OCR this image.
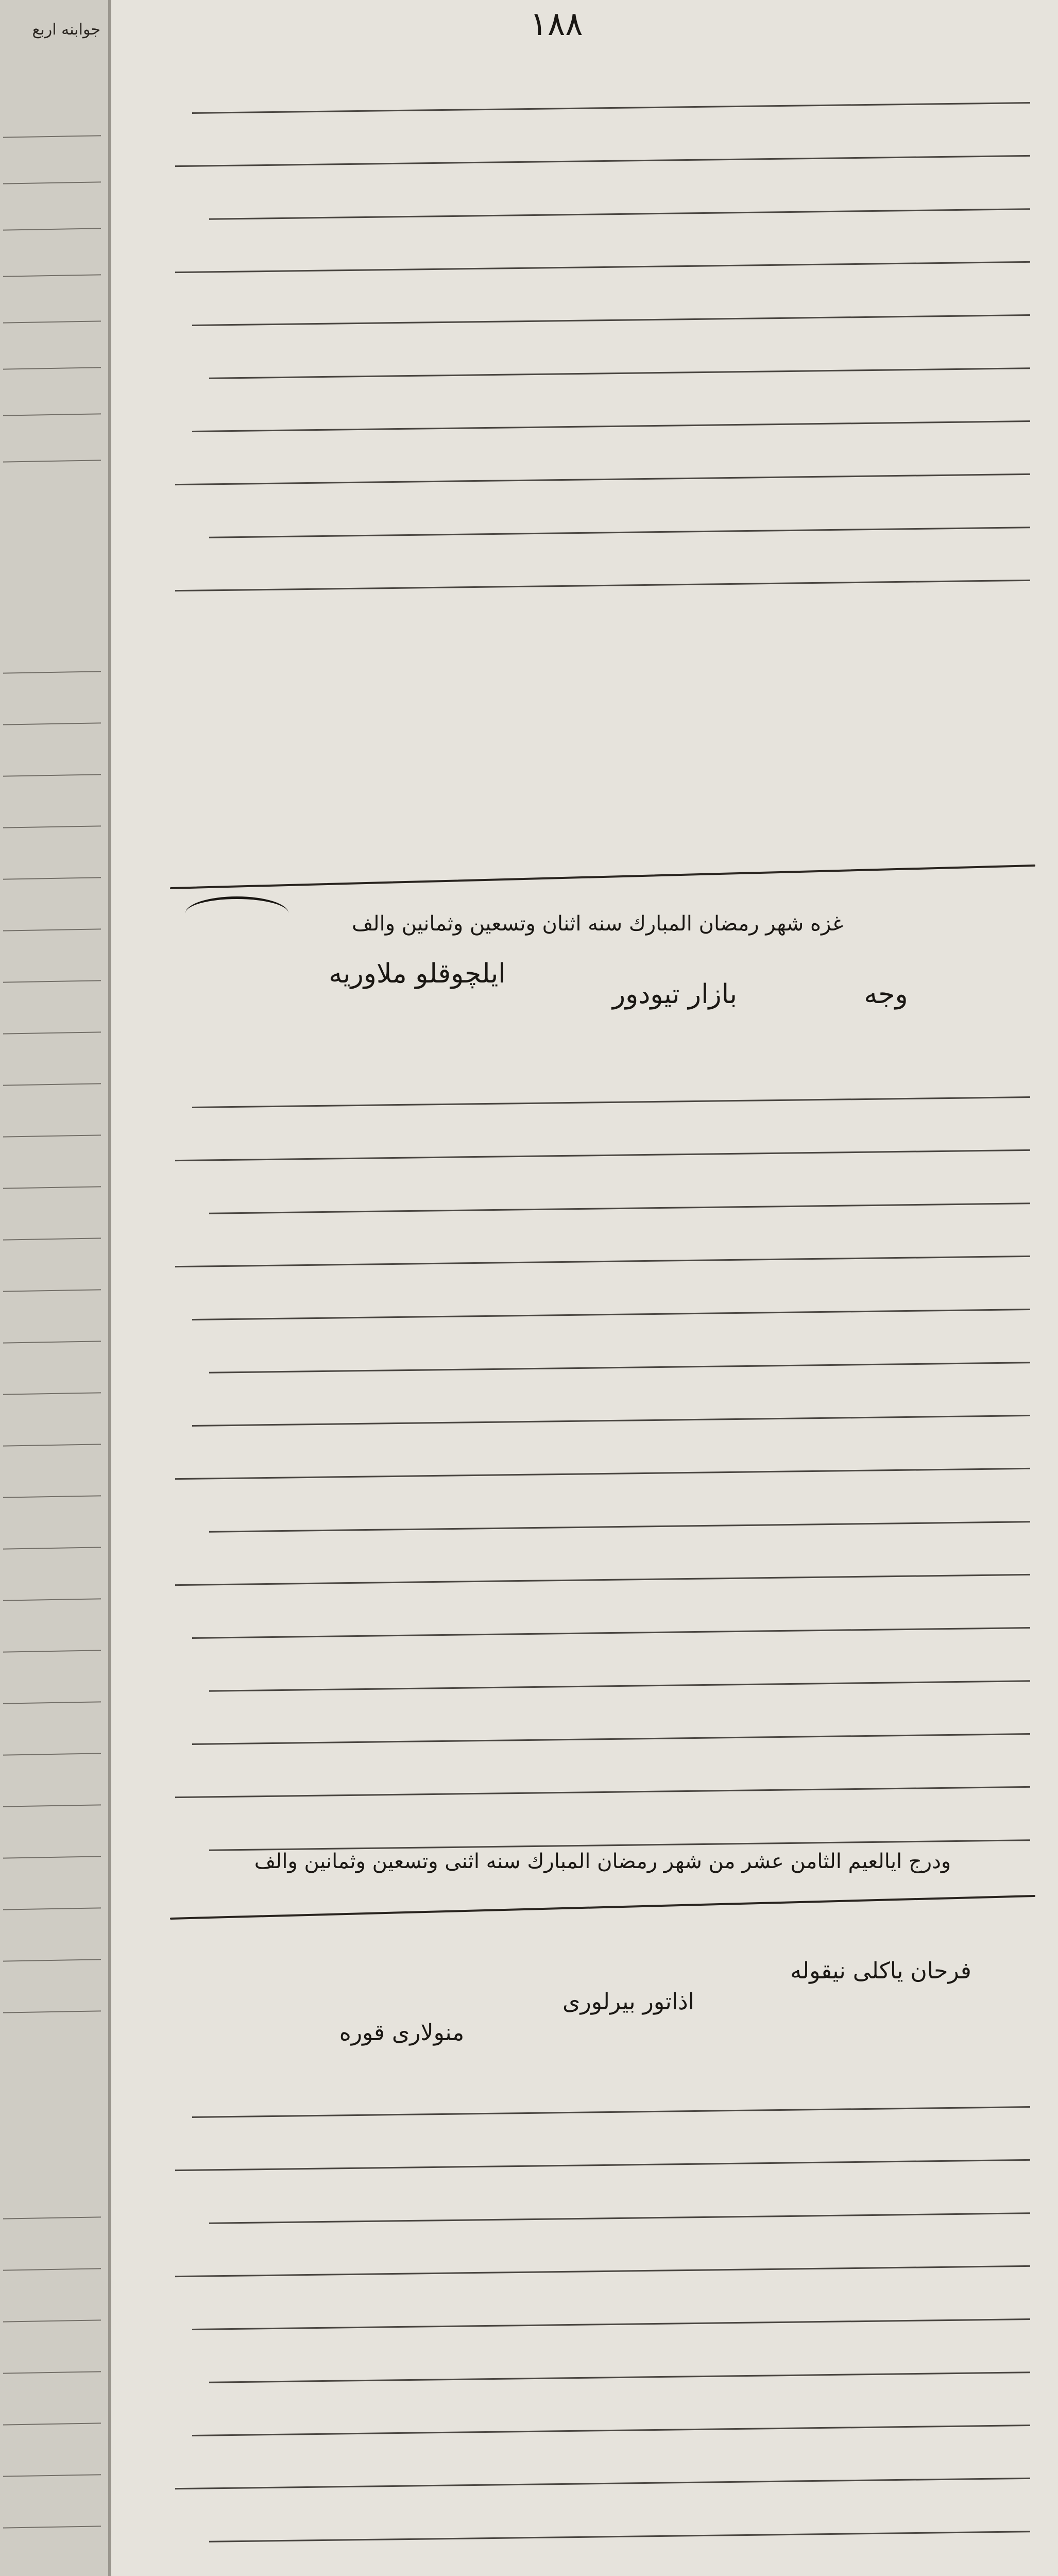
جوابنه اربع	١٨٨
غزه شهر رمضان المبارك سنه اثنان وتسعين وثمانين والف
وجه
بازار تیودور
ایلچوقلو ملاوریه
ودرج ایالعيم الثامن عشر من شهر رمضان المبارك سنه اثنی وتسعین وثمانین والف
فرحان یاکلی نیقوله
اذاتور بیرلوری
منولاری قوره
